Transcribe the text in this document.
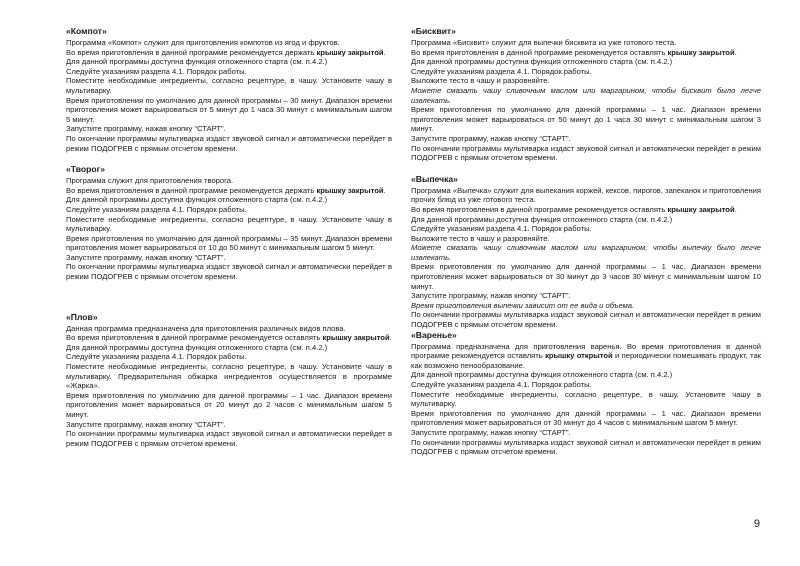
«Компот»

Программа «Компот» служит для приготовления компотов из ягод и фруктов.

Во время приготовления в данной программе рекомендуется держать крышку закрытой.

Для данной программы доступна функция отложенного старта (см. п.4.2.)

Следуйте указаниям раздела 4.1. Порядок работы.

Поместите необходимые ингредиенты, согласно рецептуре, в чашу. Установите чашу в мультиварку.

Время приготовления по умолчанию для данной программы – 30 минут. Диапазон времени приготовления может варьироваться от 5 минут до 1 часа 30 минут с минимальным шагом 5 минут.

Запустите программу, нажав кнопку “СТАРТ”.

По окончании программы мультиварка издаст звуковой сигнал и автоматически перейдет в режим ПОДОГРЕВ с прямым отсчетом времени.

«Творог»

Программа служит для приготовления творога.

Во время приготовления в данной программе рекомендуется держать крышку закрытой.

Для данной программы доступна функция отложенного старта (см. п.4.2.)

Следуйте указаниям раздела 4.1. Порядок работы.

Поместите необходимые ингредиенты, согласно рецептуре, в чашу. Установите чашу в мультиварку.

Время приготовления по умолчанию для данной программы – 35 минут. Диапазон времени приготовления может варьироваться от 10 до 50 минут с минимальным шагом 5 минут.

Запустите программу, нажав кнопку “СТАРТ”.

По окончании программы мультиварка издаст звуковой сигнал и автоматически перейдет в режим ПОДОГРЕВ с прямым отсчетом времени.

«Плов»

Данная программа предназначена для приготовления различных видов плова.

Во время приготовления в данной программе рекомендуется оставлять крышку закрытой.

Для данной программы доступна функция отложенного старта (см. п.4.2.)

Следуйте указаниям раздела 4.1. Порядок работы.

Поместите необходимые ингредиенты, согласно рецептуре, в чашу. Установите чашу в мультиварку. Предварительная обжарка ингредиентов осуществляется в программе «Жарка».

Время приготовления по умолчанию для данной программы – 1 час. Диапазон времени приготовления может варьироваться от 20 минут до 2 часов с минимальным шагом 5 минут.

Запустите программу, нажав кнопку “СТАРТ”.

По окончании программы мультиварка издаст звуковой сигнал и автоматически перейдет в режим ПОДОГРЕВ с прямым отсчетом времени.

«Бисквит»

Программа «Бисквит» служит для выпечки бисквита из уже готового теста.

Во время приготовления в данной программе рекомендуется оставлять крышку закрытой.

Для данной программы доступна функция отложенного старта (см. п.4.2.)

Следуйте указаниям раздела 4.1. Порядок работы.

Выложите тесто в чашу и разровняйте.

Можете смазать чашу сливочным маслом или маргарином, чтобы бисквит было легче извлекать.

Время приготовления по умолчанию для данной программы – 1 час. Диапазон времени приготовления может варьироваться от 50 минут до 1 часа 30 минут с минимальным шагом 3 минут.

Запустите программу, нажав кнопку “СТАРТ”.

По окончании программы мультиварка издаст звуковой сигнал и автоматически перейдет в режим ПОДОГРЕВ с прямым отсчетом времени.

«Выпечка»

Программа «Выпечка» служит для выпекания коржей, кексов, пирогов, запеканок и приготовления прочих блюд из уже готового теста.

Во время приготовления в данной программе рекомендуется оставлять крышку закрытой.

Для данной программы доступна функция отложенного старта (см. п.4.2.)

Следуйте указаниям раздела 4.1. Порядок работы.

Выложите тесто в чашу и разровняйте.

Можете смазать чашу сливочным маслом или маргарином, чтобы выпечку было легче извлекать.

Время приготовления по умолчанию для данной программы – 1 час. Диапазон времени приготовления может варьироваться от 30 минут до 3 часов 30 минут с минимальным шагом 10 минут.

Запустите программу, нажав кнопку “СТАРТ”.

Время приготовления выпечки зависит от ее вида и объема.

По окончании программы мультиварка издаст звуковой сигнал и автоматически перейдет в режим ПОДОГРЕВ с прямым отсчетом времени.

«Варенье»

Программа предназначена для приготовления варенья. Во время приготовления в данной программе рекомендуется оставлять крышку открытой и периодически помешивать продукт, так как возможно пенообразование.

Для данной программы доступна функция отложенного старта (см. п.4.2.)

Следуйте указаниям раздела 4.1. Порядок работы.

Поместите необходимые ингредиенты, согласно рецептуре, в чашу. Установите чашу в мультиварку.

Время приготовления по умолчанию для данной программы – 1 час. Диапазон времени приготовления может варьироваться от 30 минут до 4 часов с минимальным шагом 5 минут.

Запустите программу, нажав кнопку “СТАРТ”.

По окончании программы мультиварка издаст звуковой сигнал и автоматически перейдет в режим ПОДОГРЕВ с прямым отсчетом времени.

9
